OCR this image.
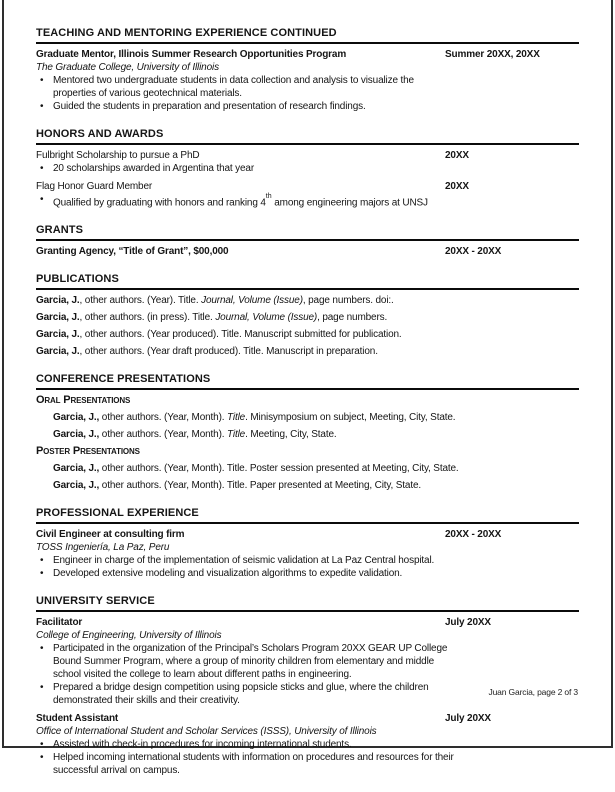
TEACHING AND MENTORING EXPERIENCE CONTINUED
Graduate Mentor, Illinois Summer Research Opportunities Program	Summer 20XX, 20XX
The Graduate College, University of Illinois
• Mentored two undergraduate students in data collection and analysis to visualize the properties of various geotechnical materials.
• Guided the students in preparation and presentation of research findings.
HONORS AND AWARDS
Fulbright Scholarship to pursue a PhD	20XX
• 20 scholarships awarded in Argentina that year
Flag Honor Guard Member	20XX
• Qualified by graduating with honors and ranking 4th among engineering majors at UNSJ
GRANTS
Granting Agency, “Title of Grant”, $00,000	20XX - 20XX
PUBLICATIONS

Garcia, J., other authors. (Year). Title. Journal, Volume (Issue), page numbers. doi:.

Garcia, J., other authors. (in press). Title. Journal, Volume (Issue), page numbers.

Garcia, J., other authors. (Year produced). Title. Manuscript submitted for publication.

Garcia, J., other authors. (Year draft produced). Title. Manuscript in preparation.

CONFERENCE PRESENTATIONS
Oral Presentations

Garcia, J., other authors. (Year, Month). Title. Minisymposium on subject, Meeting, City, State.

Garcia, J., other authors. (Year, Month). Title. Meeting, City, State.

Poster Presentations

Garcia, J., other authors. (Year, Month). Title. Poster session presented at Meeting, City, State.

Garcia, J., other authors. (Year, Month). Title. Paper presented at Meeting, City, State.

PROFESSIONAL EXPERIENCE
Civil Engineer at consulting firm	20XX - 20XX
TOSS Ingeniería, La Paz, Peru
• Engineer in charge of the implementation of seismic validation at La Paz Central hospital.
• Developed extensive modeling and visualization algorithms to expedite validation.
UNIVERSITY SERVICE
Facilitator	July 20XX
College of Engineering, University of Illinois
• Participated in the organization of the Principal’s Scholars Program 20XX GEAR UP College Bound Summer Program, where a group of minority children from elementary and middle school visited the college to learn about different paths in engineering.
• Prepared a bridge design competition using popsicle sticks and glue, where the children demonstrated their skills and their creativity.
Student Assistant	July 20XX
Office of International Student and Scholar Services (ISSS), University of Illinois
• Assisted with check-in procedures for incoming international students.
• Helped incoming international students with information on procedures and resources for their successful arrival on campus.
Juan Garcia, page 2 of 3
